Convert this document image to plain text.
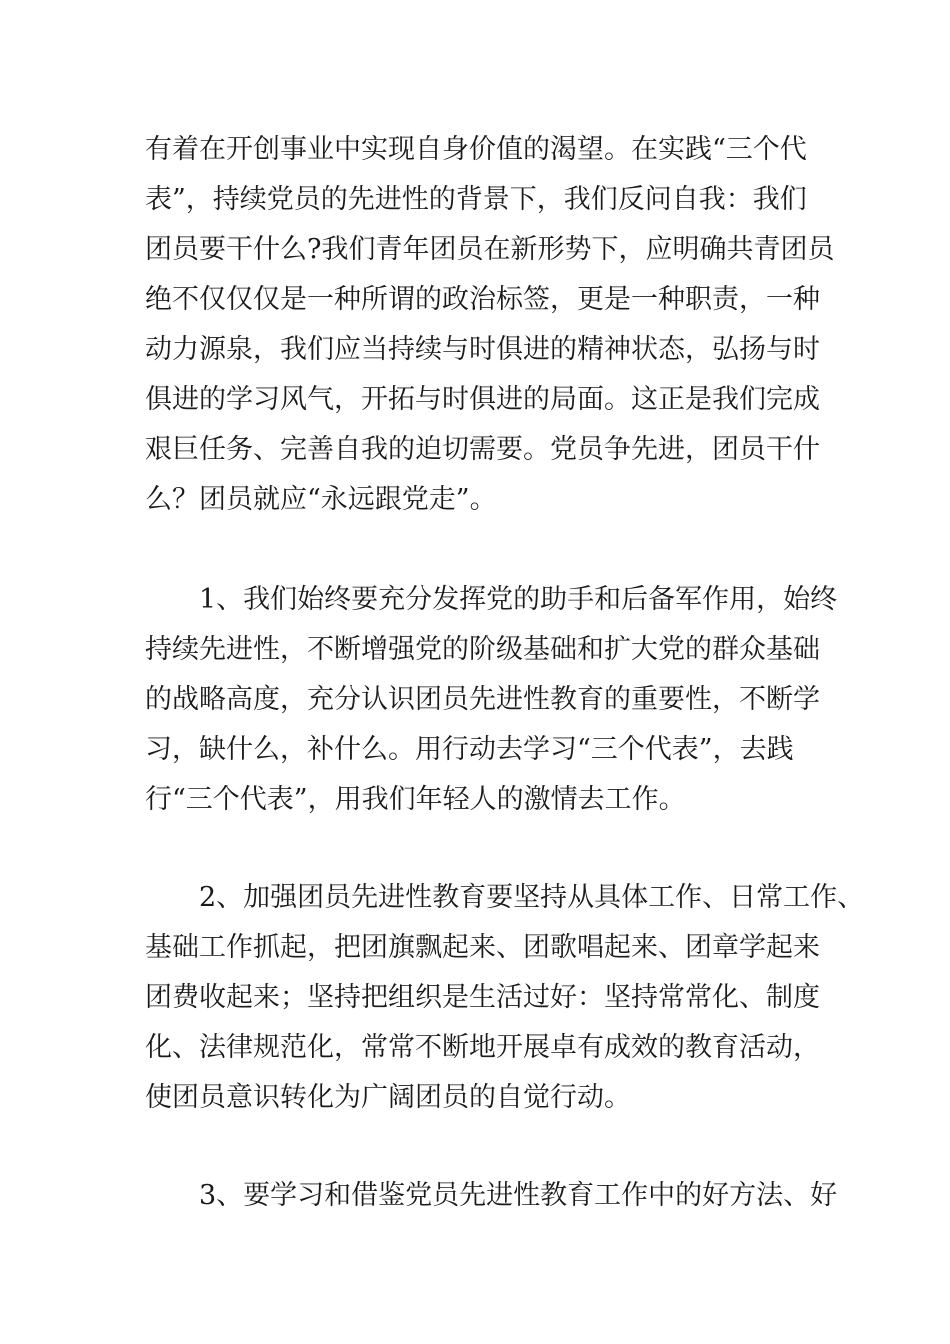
有着在开创事业中实现自身价值的渴望。在实践“三个代
表”，持续党员的先进性的背景下，我们反问自我：我们
团员要干什么?我们青年团员在新形势下，应明确共青团员
绝不仅仅仅是一种所谓的政治标签，更是一种职责，一种
动力源泉，我们应当持续与时俱进的精神状态，弘扬与时
俱进的学习风气，开拓与时俱进的局面。这正是我们完成
艰巨任务、完善自我的迫切需要。党员争先进，团员干什
么？团员就应“永远跟党走”。
1、我们始终要充分发挥党的助手和后备军作用，始终
持续先进性，不断增强党的阶级基础和扩大党的群众基础
的战略高度，充分认识团员先进性教育的重要性，不断学
习，缺什么，补什么。用行动去学习“三个代表”，去践
行“三个代表”，用我们年轻人的激情去工作。
2、加强团员先进性教育要坚持从具体工作、日常工作、
基础工作抓起，把团旗飘起来、团歌唱起来、团章学起来
团费收起来；坚持把组织是生活过好：坚持常常化、制度
化、法律规范化，常常不断地开展卓有成效的教育活动，
使团员意识转化为广阔团员的自觉行动。
3、要学习和借鉴党员先进性教育工作中的好方法、好
